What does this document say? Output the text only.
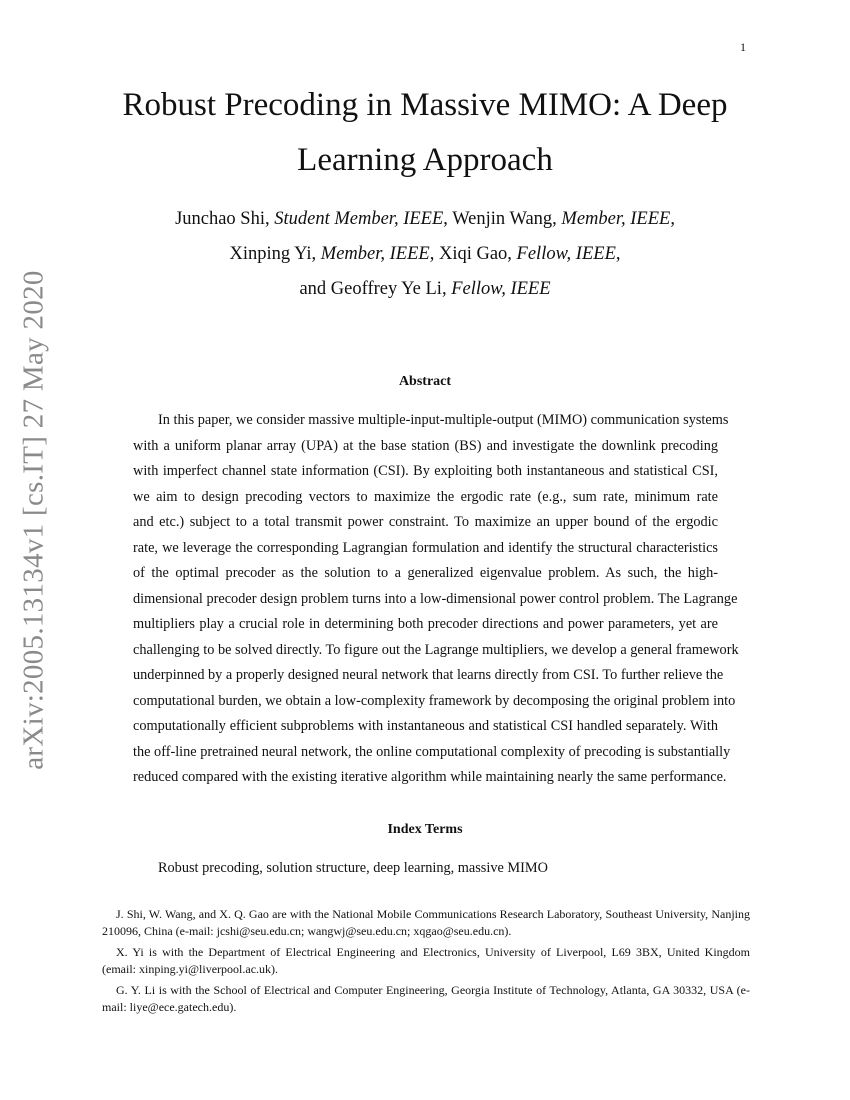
1
Robust Precoding in Massive MIMO: A Deep
Learning Approach
Junchao Shi, Student Member, IEEE, Wenjin Wang, Member, IEEE,
Xinping Yi, Member, IEEE, Xiqi Gao, Fellow, IEEE,
and Geoffrey Ye Li, Fellow, IEEE
arXiv:2005.13134v1 [cs.IT] 27 May 2020	Abstract
In this paper, we consider massive multiple-input-multiple-output (MIMO) communication systems
with a uniform planar array (UPA) at the base station (BS) and investigate the downlink precoding
with imperfect channel state information (CSI). By exploiting both instantaneous and statistical CSI,
we aim to design precoding vectors to maximize the ergodic rate (e.g., sum rate, minimum rate
and etc.) subject to a total transmit power constraint. To maximize an upper bound of the ergodic
rate, we leverage the corresponding Lagrangian formulation and identify the structural characteristics
of the optimal precoder as the solution to a generalized eigenvalue problem. As such, the high-
dimensional precoder design problem turns into a low-dimensional power control problem. The Lagrange
multipliers play a crucial role in determining both precoder directions and power parameters, yet are
challenging to be solved directly. To figure out the Lagrange multipliers, we develop a general framework
underpinned by a properly designed neural network that learns directly from CSI. To further relieve the
computational burden, we obtain a low-complexity framework by decomposing the original problem into
computationally efficient subproblems with instantaneous and statistical CSI handled separately. With
the off-line pretrained neural network, the online computational complexity of precoding is substantially
reduced compared with the existing iterative algorithm while maintaining nearly the same performance.
Index Terms
Robust precoding, solution structure, deep learning, massive MIMO
J. Shi, W. Wang, and X. Q. Gao are with the National Mobile Communications Research Laboratory, Southeast University, Nanjing 210096, China (e-mail: jcshi@seu.edu.cn; wangwj@seu.edu.cn; xqgao@seu.edu.cn).
X. Yi is with the Department of Electrical Engineering and Electronics, University of Liverpool, L69 3BX, United Kingdom (email: xinping.yi@liverpool.ac.uk).
G. Y. Li is with the School of Electrical and Computer Engineering, Georgia Institute of Technology, Atlanta, GA 30332, USA (e-mail: liye@ece.gatech.edu).
